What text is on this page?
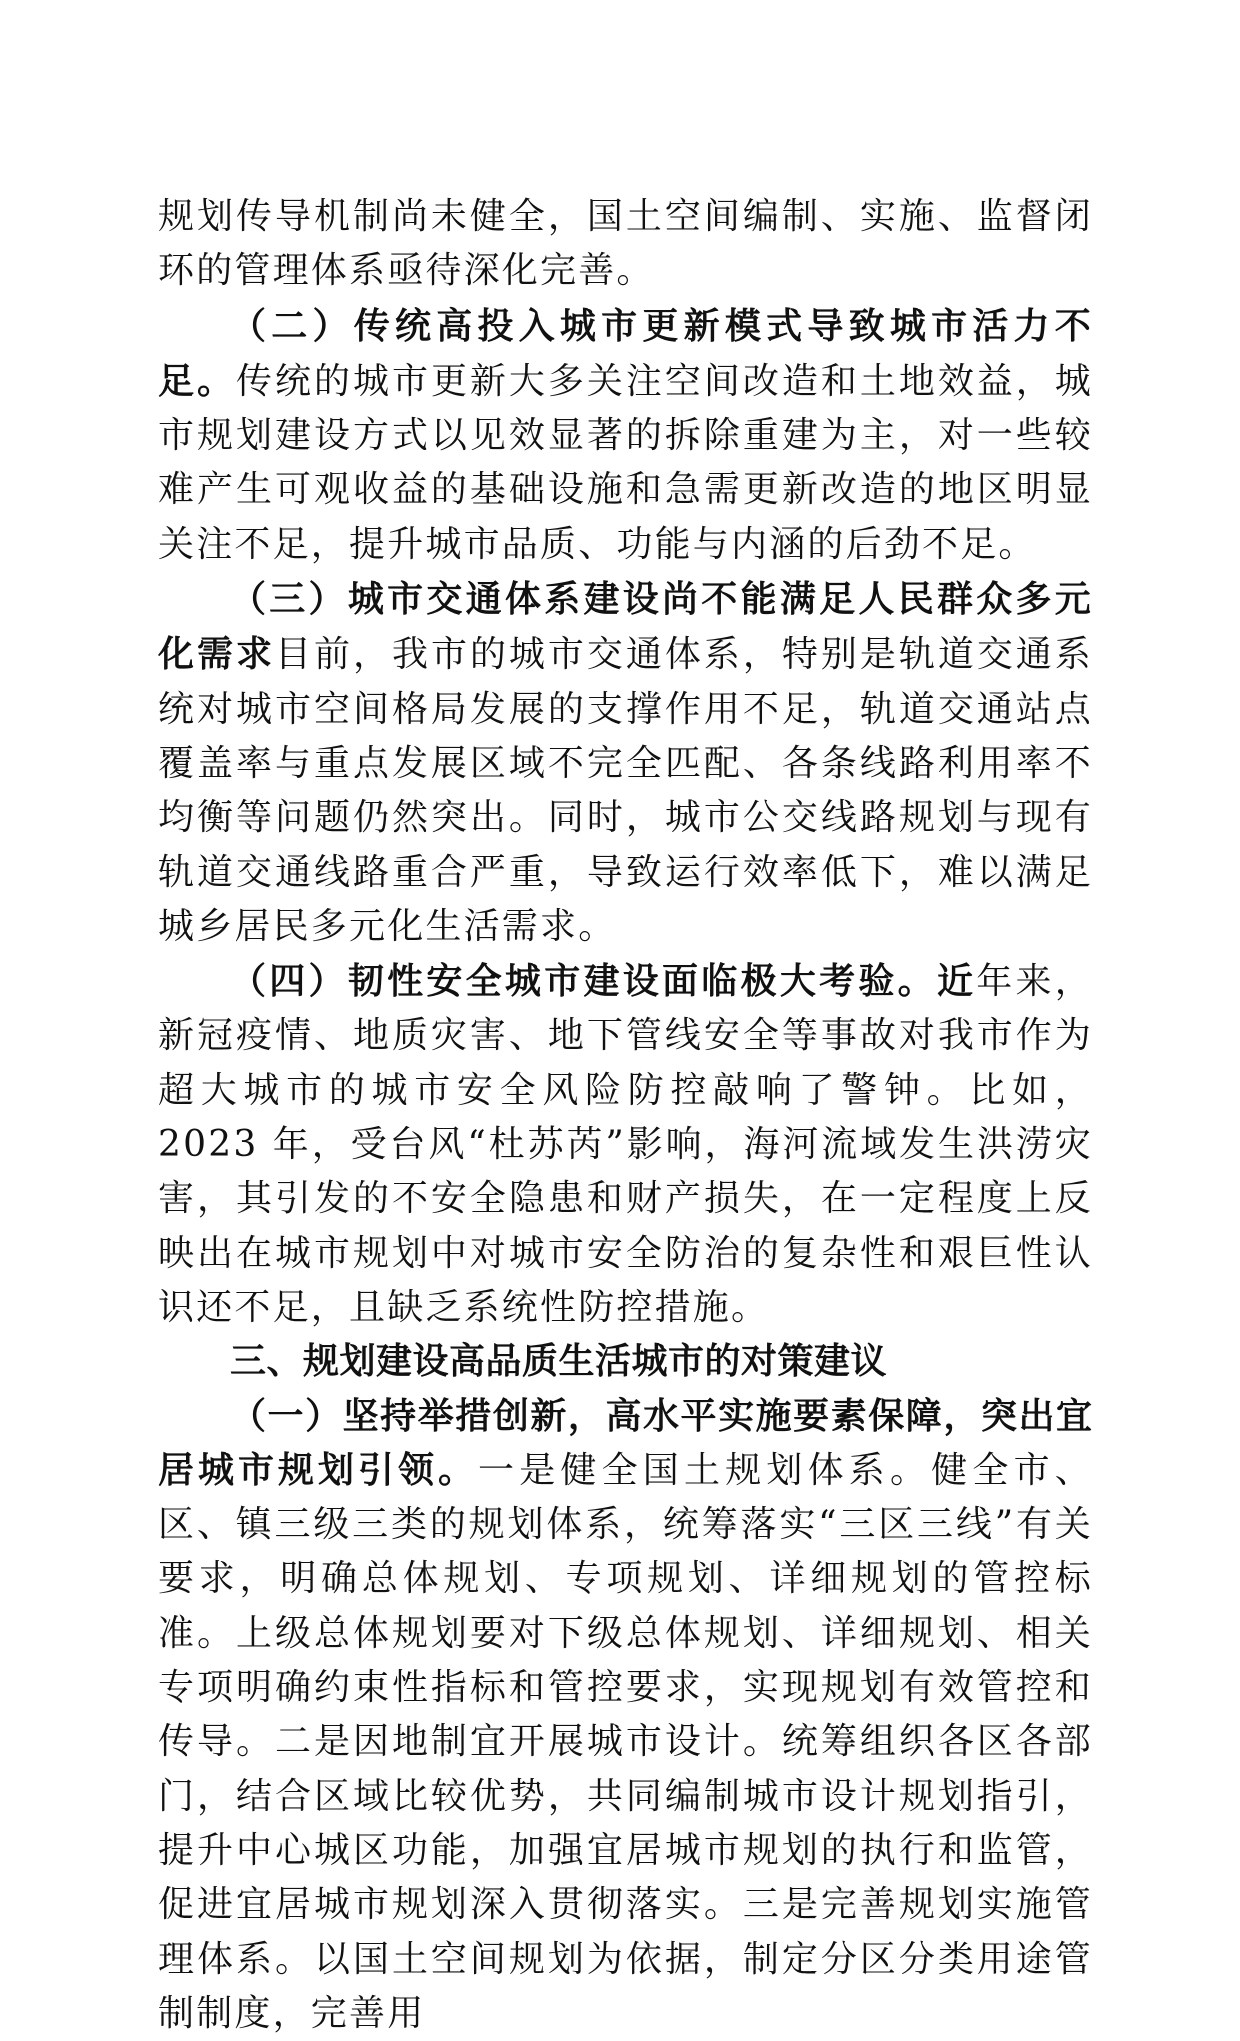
规划传导机制尚未健全，国土空间编制、实施、监督闭环的管理体系亟待深化完善。

（二）传统高投入城市更新模式导致城市活力不足。传统的城市更新大多关注空间改造和土地效益，城市规划建设方式以见效显著的拆除重建为主，对一些较难产生可观收益的基础设施和急需更新改造的地区明显关注不足，提升城市品质、功能与内涵的后劲不足。

（三）城市交通体系建设尚不能满足人民群众多元化需求目前，我市的城市交通体系，特别是轨道交通系统对城市空间格局发展的支撑作用不足，轨道交通站点覆盖率与重点发展区域不完全匹配、各条线路利用率不均衡等问题仍然突出。同时，城市公交线路规划与现有轨道交通线路重合严重，导致运行效率低下，难以满足城乡居民多元化生活需求。

（四）韧性安全城市建设面临极大考验。近年来，新冠疫情、地质灾害、地下管线安全等事故对我市作为超大城市的城市安全风险防控敲响了警钟。比如，2023 年，受台风“杜苏芮”影响，海河流域发生洪涝灾害，其引发的不安全隐患和财产损失，在一定程度上反映出在城市规划中对城市安全防治的复杂性和艰巨性认识还不足，且缺乏系统性防控措施。

三、规划建设高品质生活城市的对策建议

（一）坚持举措创新，高水平实施要素保障，突出宜居城市规划引领。一是健全国土规划体系。健全市、区、镇三级三类的规划体系，统筹落实“三区三线”有关要求，明确总体规划、专项规划、详细规划的管控标准。上级总体规划要对下级总体规划、详细规划、相关专项明确约束性指标和管控要求，实现规划有效管控和传导。二是因地制宜开展城市设计。统筹组织各区各部门，结合区域比较优势，共同编制城市设计规划指引，提升中心城区功能，加强宜居城市规划的执行和监管，促进宜居城市规划深入贯彻落实。三是完善规划实施管理体系。以国土空间规划为依据，制定分区分类用途管制制度，完善用
